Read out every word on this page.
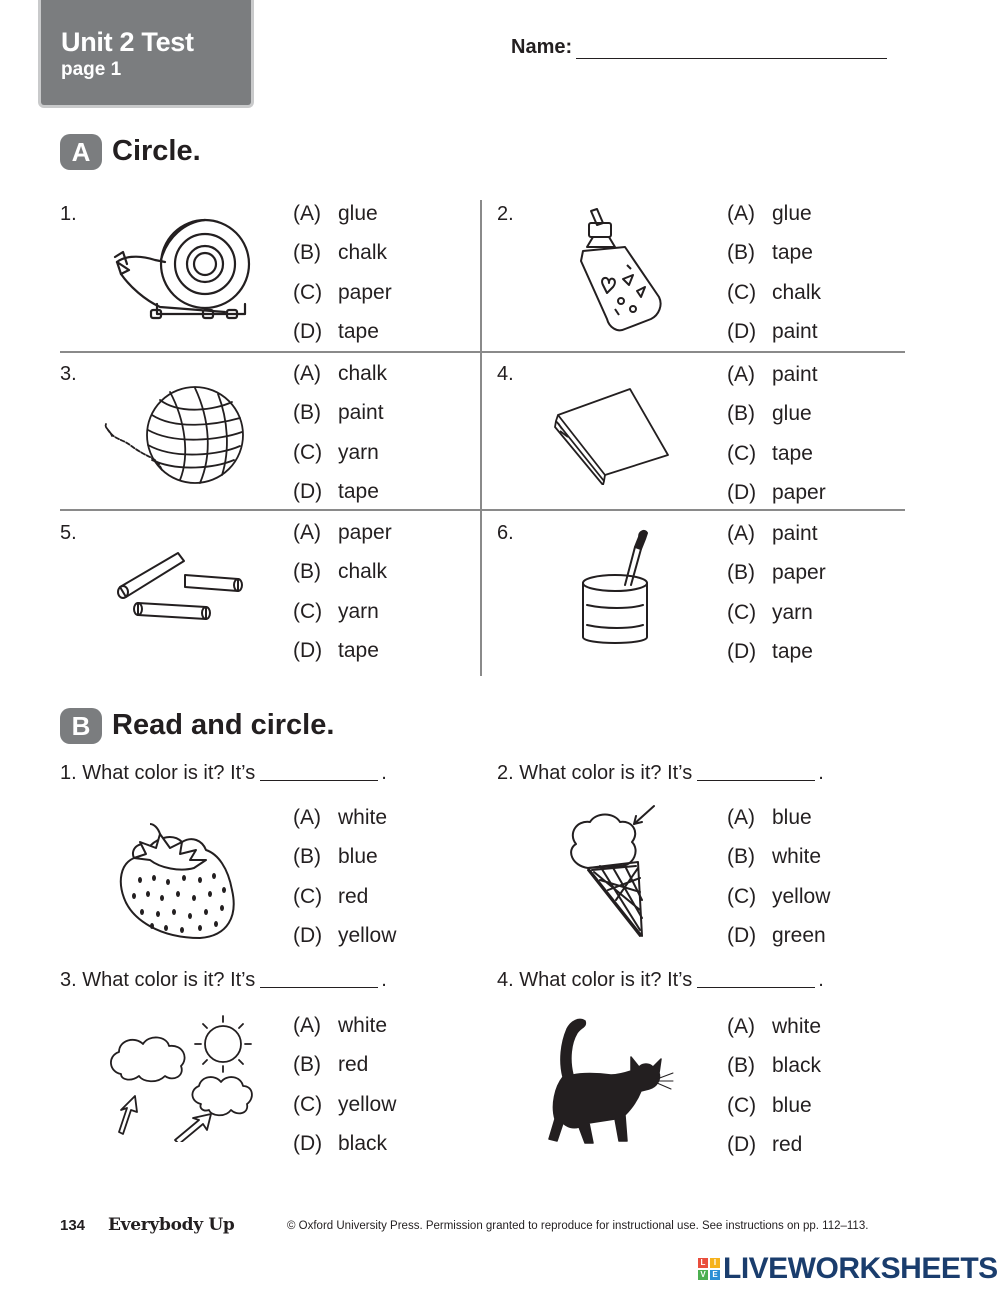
Unit 2 Test
page 1
Name:
A Circle.
1.	(A) glue
(B) chalk
(C) paper
(D) tape
2.	(A) glue
(B) tape
(C) chalk
(D) paint
3.	(A) chalk
(B) paint
(C) yarn
(D) tape
4.	(A) paint
(B) glue
(C) tape
(D) paper
5.	(A) paper
(B) chalk
(C) yarn
(D) tape
6.	(A) paint
(B) paper
(C) yarn
(D) tape
B Read and circle.
1. What color is it? It’s	.
(A) white
(B) blue
(C) red
(D) yellow
2. What color is it? It’s	.
(A) blue
(B) white
(C) yellow
(D) green
3. What color is it? It’s	.
(A) white
(B) red
(C) yellow
(D) black
4. What color is it? It’s	.
(A) white
(B) black
(C) blue
(D) red
134 Everybody Up	© Oxford University Press. Permission granted to reproduce for instructional use. See instructions on pp. 112–113.
L	I
V E LIVEWORKSHEETS
